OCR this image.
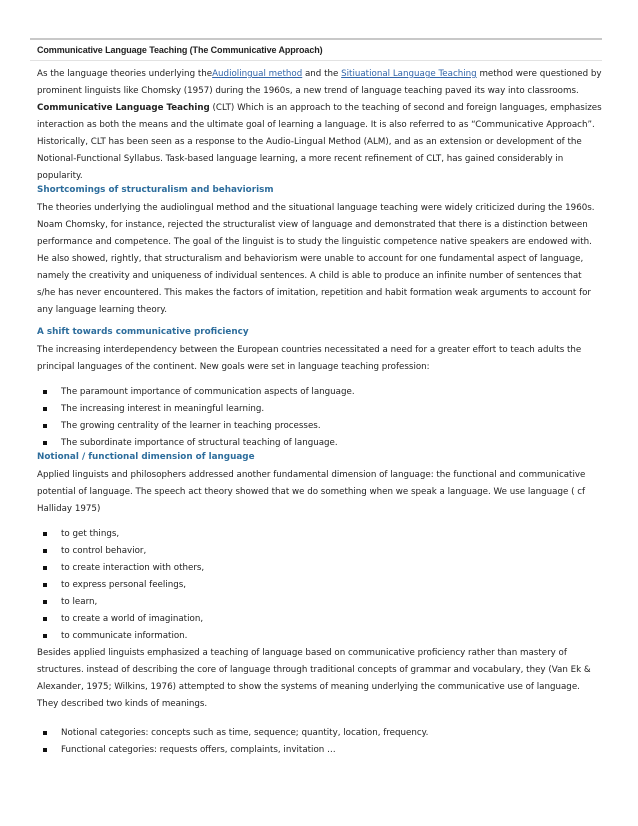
Communicative Language Teaching (The Communicative Approach)

As the language theories underlying theAudiolingual method and the Sitiuational Language Teaching method were questioned by prominent linguists like Chomsky (1957) during the 1960s, a new trend of language teaching paved its way into classrooms. Communicative Language Teaching (CLT) Which is an approach to the teaching of second and foreign languages, emphasizes interaction as both the means and the ultimate goal of learning a language. It is also referred to as “Communicative Approach”. Historically, CLT has been seen as a response to the Audio-Lingual Method (ALM), and as an extension or development of the Notional-Functional Syllabus. Task-based language learning, a more recent refinement of CLT, has gained considerably in popularity.

Shortcomings of structuralism and behaviorism

The theories underlying the audiolingual method and the situational language teaching were widely criticized during the 1960s. Noam Chomsky, for instance, rejected the structuralist view of language and demonstrated that there is a distinction between performance and competence. The goal of the linguist is to study the linguistic competence native speakers are endowed with. He also showed, rightly, that structuralism and behaviorism were unable to account for one fundamental aspect of language, namely the creativity and uniqueness of individual sentences. A child is able to produce an infinite number of sentences that s/he has never encountered. This makes the factors of imitation, repetition and habit formation weak arguments to account for any language learning theory.

A shift towards communicative proficiency

The increasing interdependency between the European countries necessitated a need for a greater effort to teach adults the principal languages of the continent. New goals were set in language teaching profession:

The paramount importance of communication aspects of language.
The increasing interest in meaningful learning.
The growing centrality of the learner in teaching processes.
The subordinate importance of structural teaching of language.
Notional / functional dimension of language

Applied linguists and philosophers addressed another fundamental dimension of language: the functional and communicative potential of language. The speech act theory showed that we do something when we speak a language. We use language ( cf Halliday 1975)

to get things,
to control behavior,
to create interaction with others,
to express personal feelings,
to learn,
to create a world of imagination,
to communicate information.

Besides applied linguists emphasized a teaching of language based on communicative proficiency rather than mastery of structures. instead of describing the core of language through traditional concepts of grammar and vocabulary, they (Van Ek & Alexander, 1975; Wilkins, 1976) attempted to show the systems of meaning underlying the communicative use of language. They described two kinds of meanings.

Notional categories: concepts such as time, sequence; quantity, location, frequency.
Functional categories: requests offers, complaints, invitation …
